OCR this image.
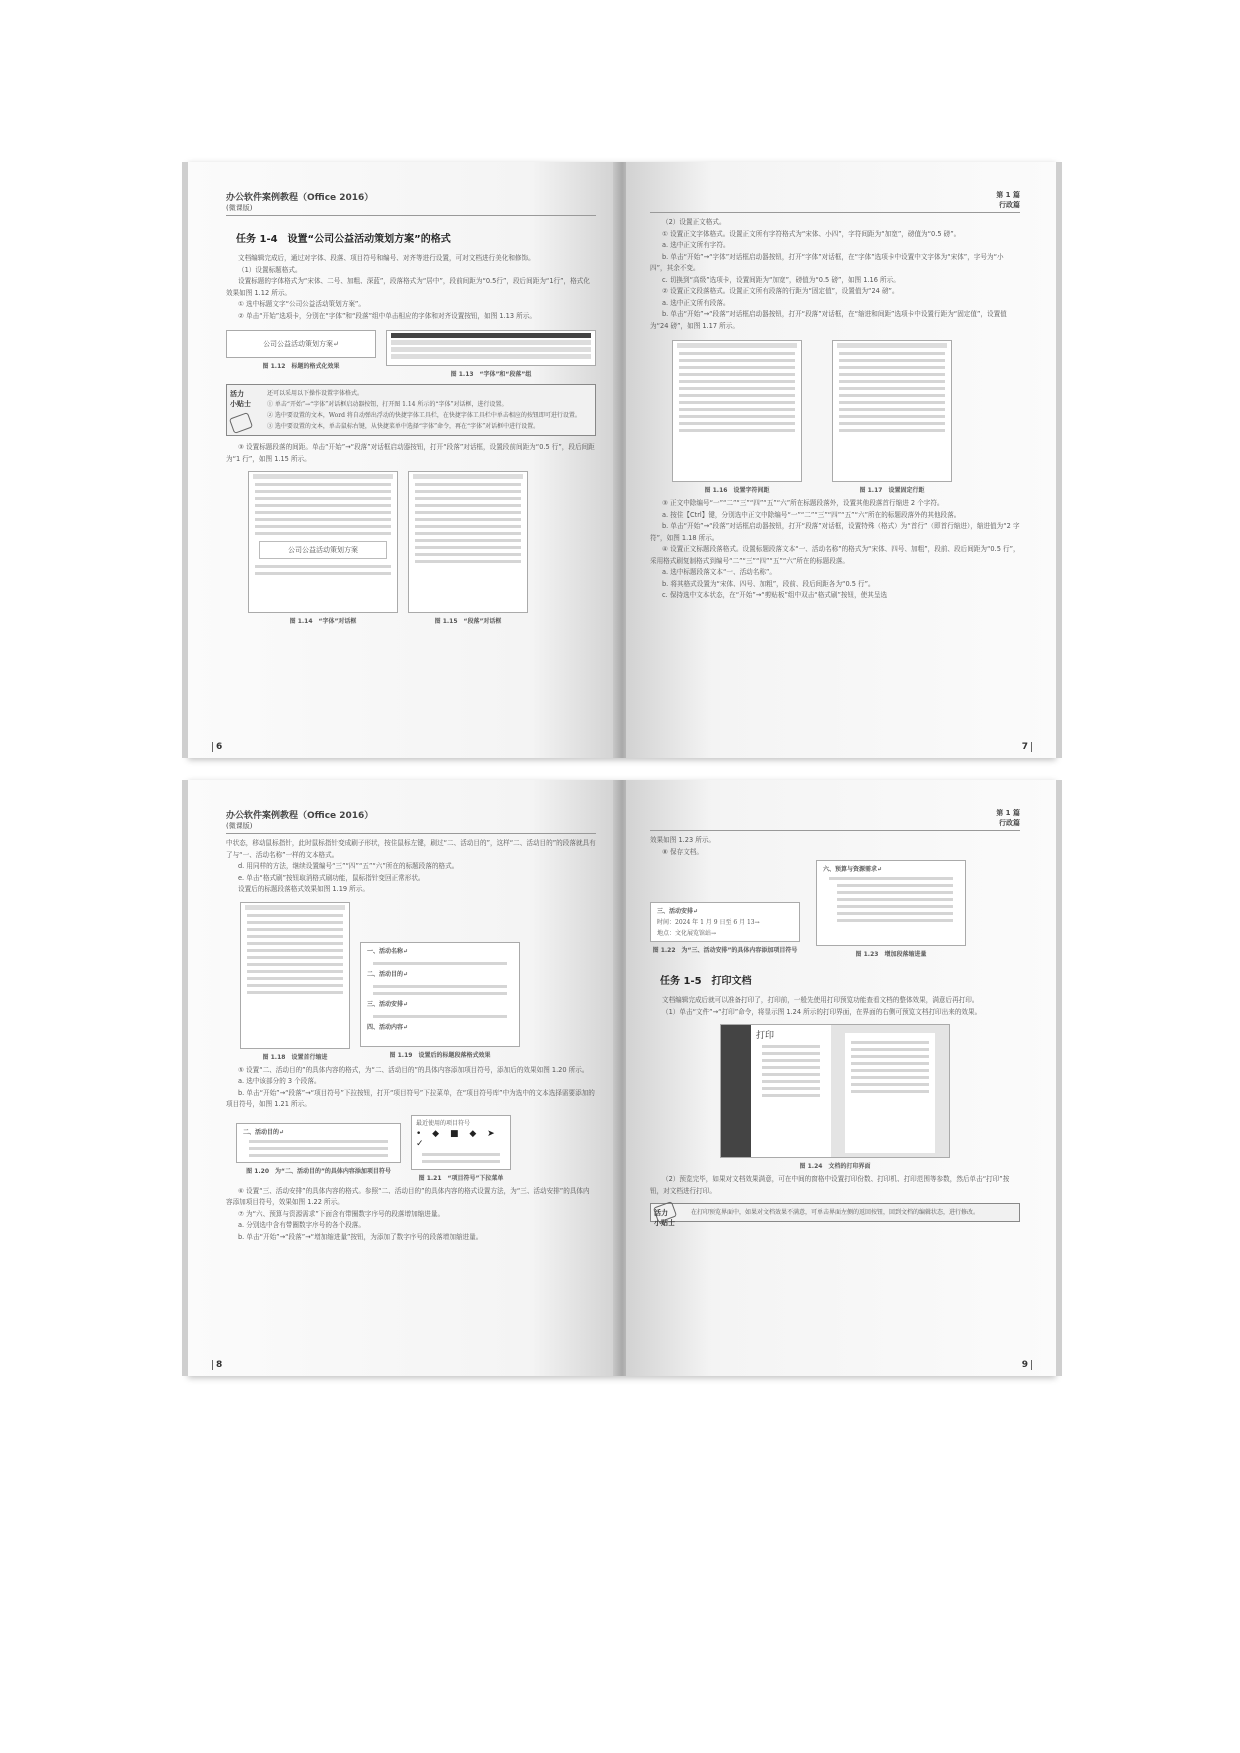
办公软件案例教程（Office 2016）
(微课版)
任务 1-4　设置“公司公益活动策划方案”的格式

文档编辑完成后，通过对字体、段落、项目符号和编号、对齐等进行设置，可对文档进行美化和修饰。

（1）设置标题格式。

设置标题的字体格式为“宋体、二号、加粗、深蓝”，段落格式为“居中”，段前间距为“0.5行”，段后间距为“1行”，格式化效果如图 1.12 所示。

① 选中标题文字“公司公益活动策划方案”。

② 单击“开始”选项卡，分别在“字体”和“段落”组中单击相应的字体和对齐设置按钮，如图 1.13 所示。

公司公益活动策划方案↵
图 1.12　标题的格式化效果
图 1.13　“字体”和“段落”组
活力
小贴士

还可以采用以下操作设置字体格式。

① 单击“开始”→“字体”对话框启动器按钮，打开图 1.14 所示的“字体”对话框，进行设置。

② 选中要设置的文本，Word 将自动弹出浮动的快捷字体工具栏，在快捷字体工具栏中单击相应的按钮即可进行设置。

③ 选中要设置的文本，单击鼠标右键，从快捷菜单中选择“字体”命令，再在“字体”对话框中进行设置。

③ 设置标题段落的间距。单击“开始”→“段落”对话框启动器按钮，打开“段落”对话框，设置段前间距为“0.5 行”，段后间距为“1 行”，如图 1.15 所示。

公司公益活动策划方案
图 1.14　“字体”对话框	图 1.15　“段落”对话框
6
第 1 篇
行政篇

（2）设置正文格式。

① 设置正文字体格式。设置正文所有字符格式为“宋体、小四”，字符间距为“加宽”，磅值为“0.5 磅”。

a. 选中正文所有字符。

b. 单击“开始”→“字体”对话框启动器按钮，打开“字体”对话框，在“字体”选项卡中设置中文字体为“宋体”，字号为“小四”，其余不变。

c. 切换到“高级”选项卡，设置间距为“加宽”，磅值为“0.5 磅”，如图 1.16 所示。

② 设置正文段落格式。设置正文所有段落的行距为“固定值”，设置值为“24 磅”。

a. 选中正文所有段落。

b. 单击“开始”→“段落”对话框启动器按钮，打开“段落”对话框，在“缩进和间距”选项卡中设置行距为“固定值”，设置值为“24 磅”，如图 1.17 所示。

图 1.16　设置字符间距	图 1.17　设置固定行距

③ 正文中除编号“一”“二”“三”“四”“五”“六”所在标题段落外，设置其他段落首行缩进 2 个字符。

a. 按住【Ctrl】键，分别选中正文中除编号“一”“二”“三”“四”“五”“六”所在的标题段落外的其他段落。

b. 单击“开始”→“段落”对话框启动器按钮，打开“段落”对话框，设置特殊（格式）为“首行”（即首行缩进），缩进值为“2 字符”，如图 1.18 所示。

④ 设置正文标题段落格式。设置标题段落文本“一、活动名称”的格式为“宋体、四号、加粗”，段前、段后间距为“0.5 行”，采用格式刷复制格式到编号“二”“三”“四”“五”“六”所在的标题段落。

a. 选中标题段落文本“一、活动名称”。

b. 将其格式设置为“宋体、四号、加粗”，段前、段后间距各为“0.5 行”。

c. 保持选中文本状态，在“开始”→“剪贴板”组中双击“格式刷”按钮，使其呈选

7
办公软件案例教程（Office 2016）
(微课版)

中状态，移动鼠标指针，此时鼠标指针变成刷子形状，按住鼠标左键，刷过“二、活动目的”，这样“二、活动目的”的段落就具有了与“一、活动名称”一样的文本格式。

d. 用同样的方法，继续设置编号“三”“四”“五”“六”所在的标题段落的格式。

e. 单击“格式刷”按钮取消格式刷功能，鼠标指针变回正常形状。

设置后的标题段落格式效果如图 1.19 所示。

图 1.18　设置首行缩进
一、活动名称↵
二、活动目的↵
三、活动安排↵
四、活动内容↵
图 1.19　设置后的标题段落格式效果

⑤ 设置“二、活动目的”的具体内容的格式，为“二、活动目的”的具体内容添加项目符号，添加后的效果如图 1.20 所示。

a. 选中该部分的 3 个段落。

b. 单击“开始”→“段落”→“项目符号”下拉按钮，打开“项目符号”下拉菜单，在“项目符号库”中为选中的文本选择需要添加的项目符号，如图 1.21 所示。

二、活动目的↵
图 1.20　为“二、活动目的”的具体内容添加项目符号
最近使用的项目符号
• ◆ ■ ◆ ➤ ✓
图 1.21　“项目符号”下拉菜单

⑥ 设置“三、活动安排”的具体内容的格式。参照“二、活动目的”的具体内容的格式设置方法，为“三、活动安排”的具体内容添加项目符号，效果如图 1.22 所示。

⑦ 为“六、预算与资源需求”下面含有带圈数字序号的段落增加缩进量。

a. 分别选中含有带圈数字序号的各个段落。

b. 单击“开始”→“段落”→“增加缩进量”按钮，为添加了数字序号的段落增加缩进量。

8
第 1 篇
行政篇

效果如图 1.23 所示。

⑧ 保存文档。

三、活动安排↵
时间：2024 年 1 月 9 日至 6 月 13→
地点：文化展览馆站→
图 1.22　为“三、活动安排”的具体内容添加项目符号
六、预算与资源需求↵
图 1.23　增加段落缩进量
任务 1-5　打印文档

文档编辑完成后就可以准备打印了，打印前，一般先使用打印预览功能查看文档的整体效果，满意后再打印。

（1）单击“文件”→“打印”命令，将显示图 1.24 所示的打印界面，在界面的右侧可预览文档打印出来的效果。

打印
图 1.24　文档的打印界面

（2）预览完毕，如果对文档效果满意，可在中间的窗格中设置打印份数、打印机、打印范围等参数，然后单击“打印”按钮，对文档进行打印。

活力
小贴士

在打印预览界面中，如果对文档效果不满意，可单击界面左侧的返回按钮，回到文档的编辑状态，进行修改。

9
